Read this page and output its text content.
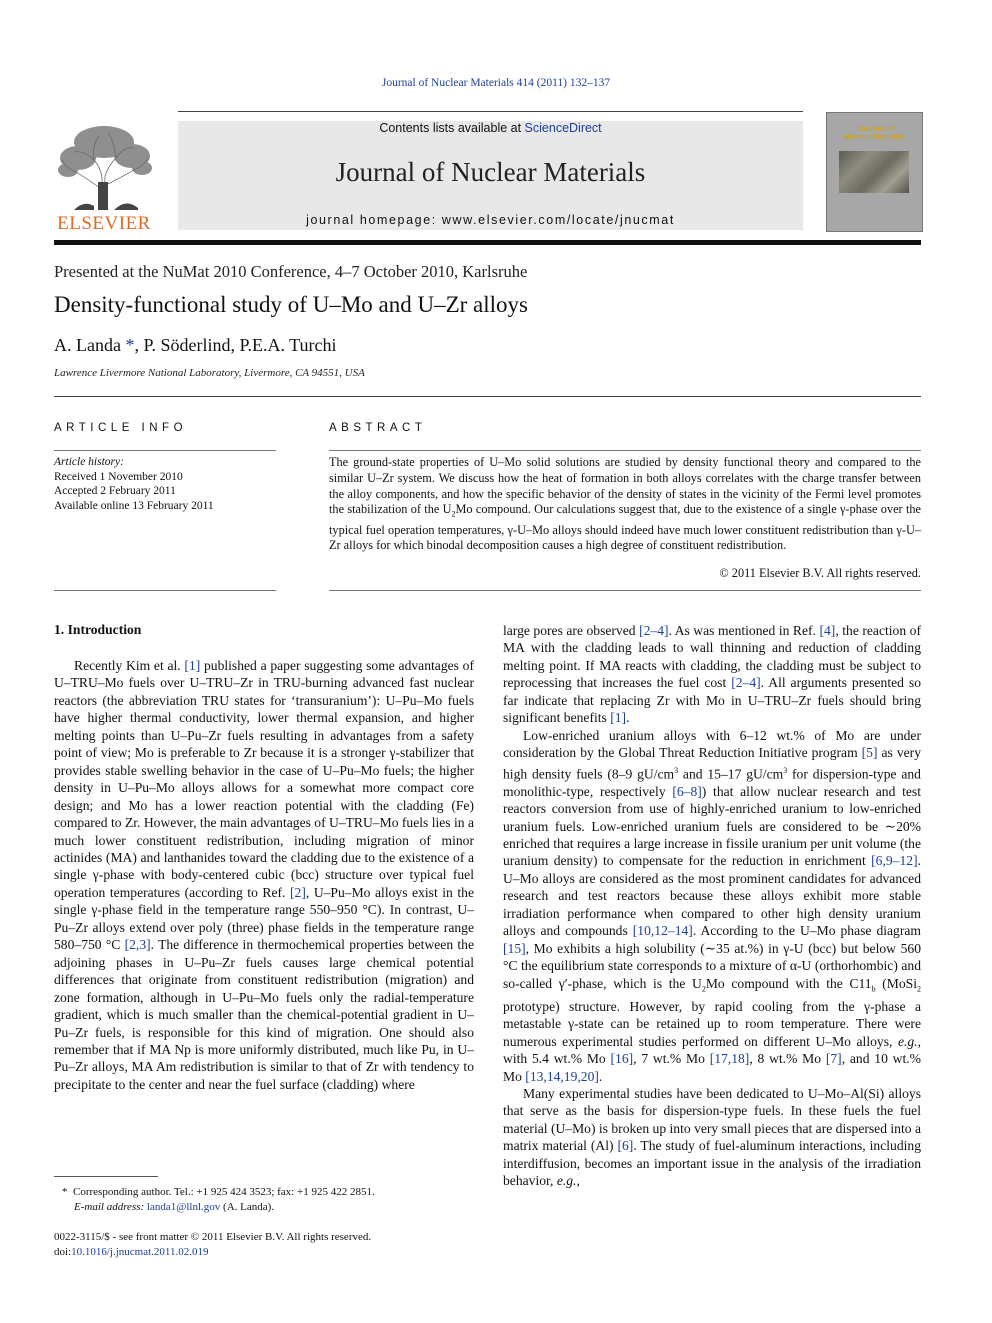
Journal of Nuclear Materials 414 (2011) 132–137
ELSEVIER
Contents lists available at ScienceDirect
Journal of Nuclear Materials
journal homepage: www.elsevier.com/locate/jnucmat
Journal of
Nuclear Materials
Presented at the NuMat 2010 Conference, 4–7 October 2010, Karlsruhe
Density-functional study of U–Mo and U–Zr alloys
A. Landa *, P. Söderlind, P.E.A. Turchi
Lawrence Livermore National Laboratory, Livermore, CA 94551, USA
ARTICLE INFO
Article history:
Received 1 November 2010
Accepted 2 February 2011
Available online 13 February 2011
ABSTRACT
The ground-state properties of U–Mo solid solutions are studied by density functional theory and compared to the similar U–Zr system. We discuss how the heat of formation in both alloys correlates with the charge transfer between the alloy components, and how the specific behavior of the density of states in the vicinity of the Fermi level promotes the stabilization of the $U_2Mo$ compound. Our calculations suggest that, due to the existence of a single γ-phase over the typical fuel operation temperatures, γ-U–Mo alloys should indeed have much lower constituent redistribution than γ-U–Zr alloys for which binodal decomposition causes a high degree of constituent redistribution.
© 2011 Elsevier B.V. All rights reserved.
1. Introduction

Recently Kim et al. [1] published a paper suggesting some advantages of U–TRU–Mo fuels over U–TRU–Zr in TRU-burning advanced fast nuclear reactors (the abbreviation TRU states for ‘transuranium’): U–Pu–Mo fuels have higher thermal conductivity, lower thermal expansion, and higher melting points than U–Pu–Zr fuels resulting in advantages from a safety point of view; Mo is preferable to Zr because it is a stronger γ-stabilizer that provides stable swelling behavior in the case of U–Pu–Mo fuels; the higher density in U–Pu–Mo alloys allows for a somewhat more compact core design; and Mo has a lower reaction potential with the cladding (Fe) compared to Zr. However, the main advantages of U–TRU–Mo fuels lies in a much lower constituent redistribution, including migration of minor actinides (MA) and lanthanides toward the cladding due to the existence of a single γ-phase with body-centered cubic (bcc) structure over typical fuel operation temperatures (according to Ref. [2], U–Pu–Mo alloys exist in the single γ-phase field in the temperature range 550–950 °C). In contrast, U–Pu–Zr alloys extend over poly (three) phase fields in the temperature range 580–750 °C [2,3]. The difference in thermochemical properties between the adjoining phases in U–Pu–Zr fuels causes large chemical potential differences that originate from constituent redistribution (migration) and zone formation, although in U–Pu–Mo fuels only the radial-temperature gradient, which is much smaller than the chemical-potential gradient in U–Pu–Zr fuels, is responsible for this kind of migration. One should also remember that if MA Np is more uniformly distributed, much like Pu, in U–Pu–Zr alloys, MA Am redistribution is similar to that of Zr with tendency to precipitate to the center and near the fuel surface (cladding) where

large pores are observed [2–4]. As was mentioned in Ref. [4], the reaction of MA with the cladding leads to wall thinning and reduction of cladding melting point. If MA reacts with cladding, the cladding must be subject to reprocessing that increases the fuel cost [2–4]. All arguments presented so far indicate that replacing Zr with Mo in U–TRU–Zr fuels should bring significant benefits [1].

Low-enriched uranium alloys with 6–12 wt.% of Mo are under consideration by the Global Threat Reduction Initiative program [5] as very high density fuels (8–9 $gU/cm^3$ and 15–17 $gU/cm^3$ for dispersion-type and monolithic-type, respectively [6–8]) that allow nuclear research and test reactors conversion from use of highly-enriched uranium to low-enriched uranium fuels. Low-enriched uranium fuels are considered to be ∼20% enriched that requires a large increase in fissile uranium per unit volume (the uranium density) to compensate for the reduction in enrichment [6,9–12]. U–Mo alloys are considered as the most prominent candidates for advanced research and test reactors because these alloys exhibit more stable irradiation performance when compared to other high density uranium alloys and compounds [10,12–14]. According to the U–Mo phase diagram [15], Mo exhibits a high solubility (∼35 at.%) in γ-U (bcc) but below 560 °C the equilibrium state corresponds to a mixture of α-U (orthorhombic) and so-called γ′-phase, which is the $U_2Mo$ compound with the $C11_b$ (MoSi$_2$ prototype) structure. However, by rapid cooling from the γ-phase a metastable γ-state can be retained up to room temperature. There were numerous experimental studies performed on different U–Mo alloys, e.g., with 5.4 wt.% Mo [16], 7 wt.% Mo [17,18], 8 wt.% Mo [7], and 10 wt.% Mo [13,14,19,20].

Many experimental studies have been dedicated to U–Mo–Al(Si) alloys that serve as the basis for dispersion-type fuels. In these fuels the fuel material (U–Mo) is broken up into very small pieces that are dispersed into a matrix material (Al) [6]. The study of fuel-aluminum interactions, including interdiffusion, becomes an important issue in the analysis of the irradiation behavior, e.g.,

* Corresponding author. Tel.: +1 925 424 3523; fax: +1 925 422 2851.
E-mail address: landa1@llnl.gov (A. Landa).
0022-3115/$ - see front matter © 2011 Elsevier B.V. All rights reserved.
doi:10.1016/j.jnucmat.2011.02.019
